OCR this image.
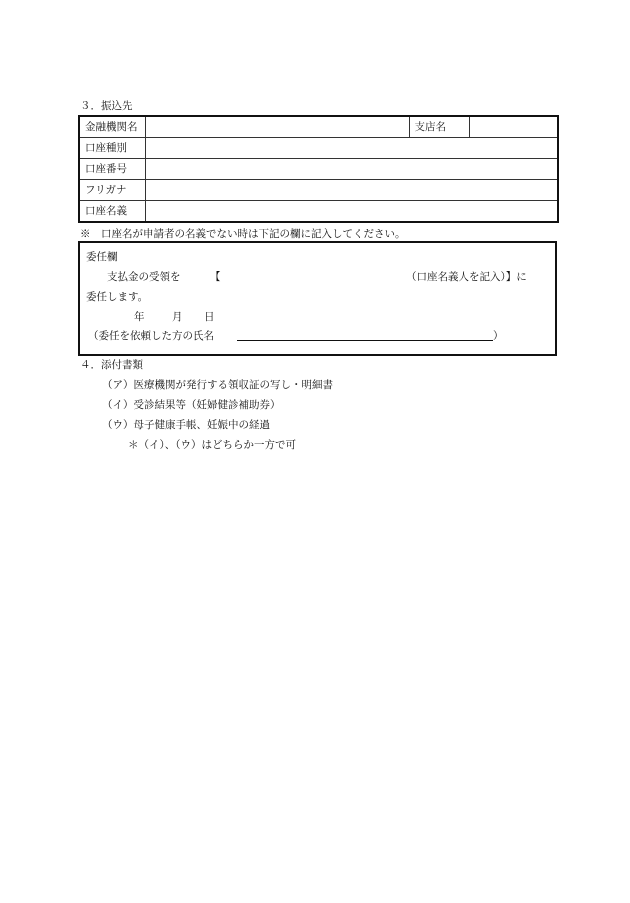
３．振込先
金融機関名		支店名	
口座種別			
口座番号			
フリガナ			
口座名義			
※　口座名が申請者の名義でない時は下記の欄に記入してください。
委任欄
支払金の受領を	【	（口座名義人を記入）】に
委任します。
年	月 日
（委任を依頼した方の氏名	）
４．添付書類
（ア）医療機関が発行する領収証の写し・明細書
（イ）受診結果等（妊婦健診補助券）
（ウ）母子健康手帳、妊娠中の経過
＊（イ）、（ウ）はどちらか一方で可
